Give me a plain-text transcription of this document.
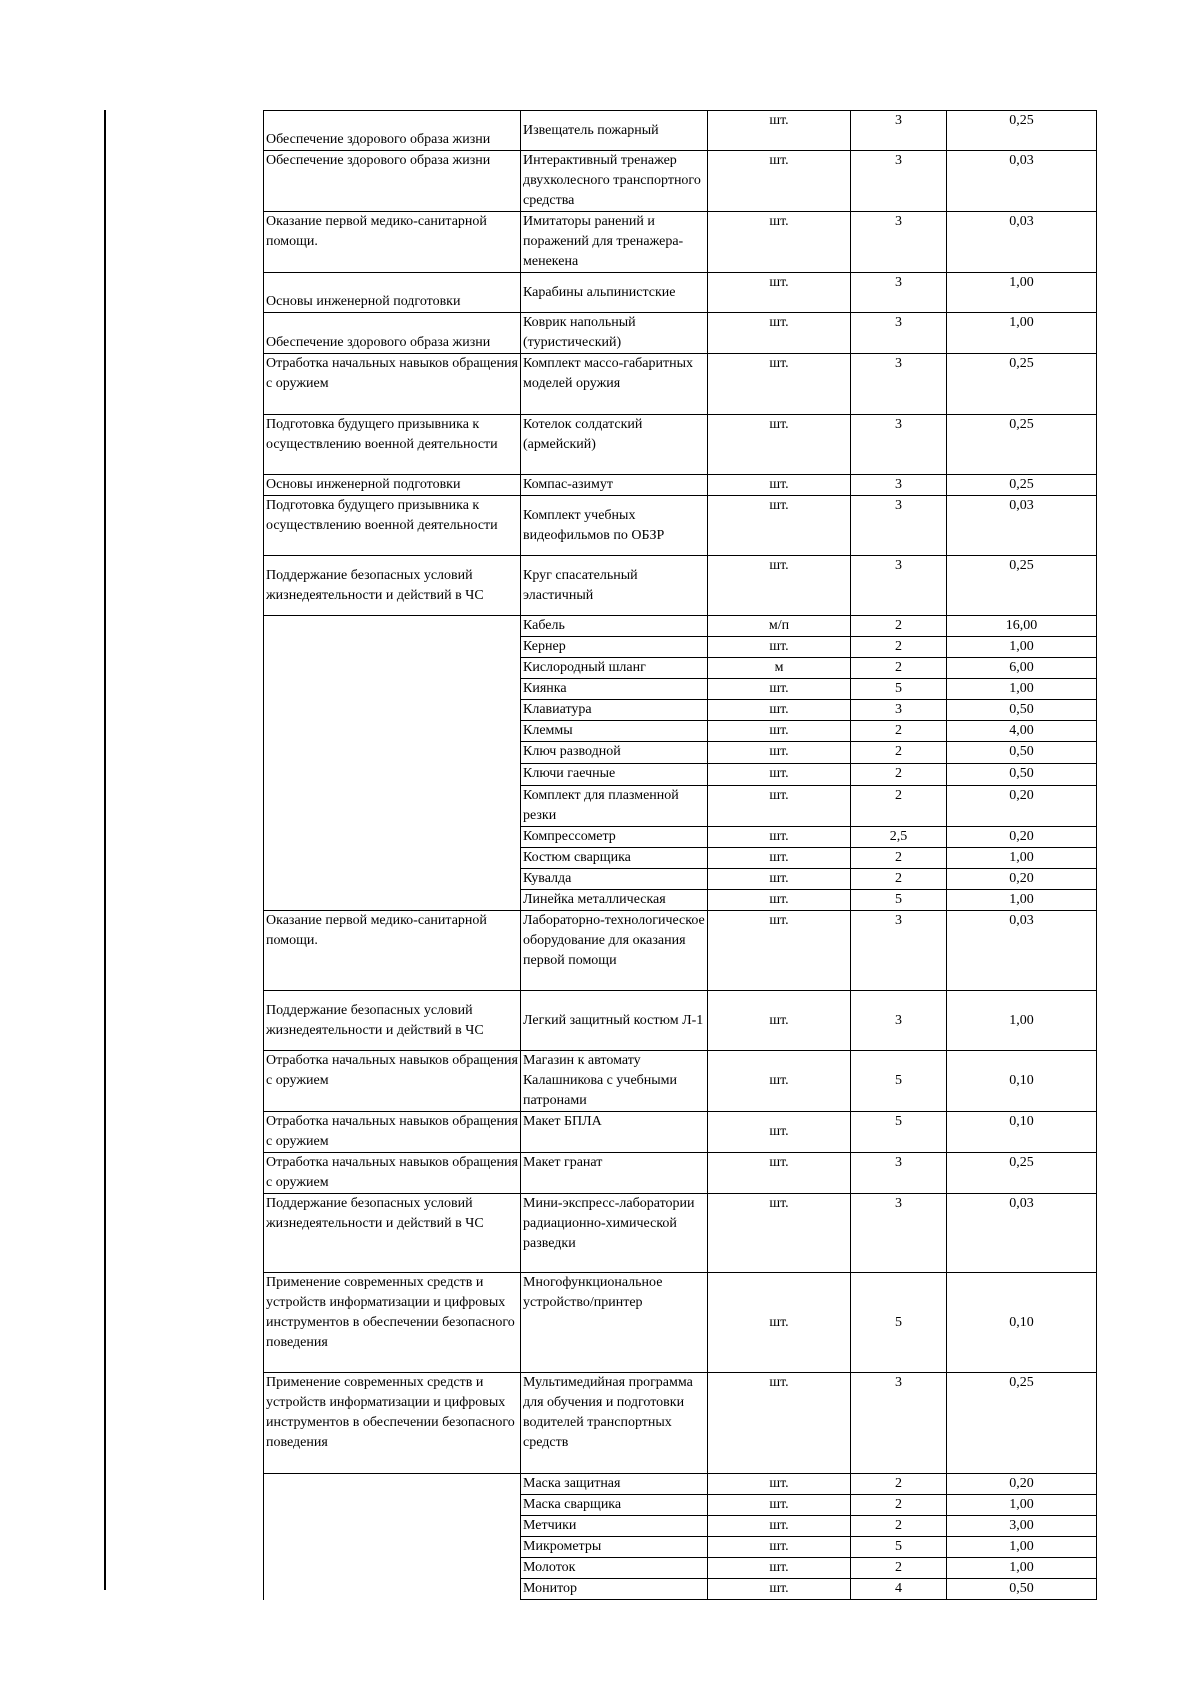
Обеспечение здорового образа жизни	Извещатель пожарный	шт.	3	0,25
Обеспечение здорового образа жизни	Интерактивный тренажер двухколесного транспортного средства	шт.	3	0,03
Оказание первой медико-санитарной помощи.	Имитаторы ранений и поражений для тренажера-менекена	шт.	3	0,03
Основы инженерной подготовки	Карабины альпинистские	шт.	3	1,00
Обеспечение здорового образа жизни	Коврик напольный (туристический)	шт.	3	1,00
Отработка начальных навыков обращения с оружием	Комплект массо-габаритных моделей оружия	шт.	3	0,25
Подготовка будущего призывника к осуществлению военной деятельности	Котелок солдатский (армейский)	шт.	3	0,25
Основы инженерной подготовки	Компас-азимут	шт.	3	0,25
Подготовка будущего призывника к осуществлению военной деятельности	Комплект учебных видеофильмов по ОБЗР	шт.	3	0,03
Поддержание безопасных условий жизнедеятельности и действий в ЧС	Круг спасательный эластичный	шт.	3	0,25
	Кабель	м/п	2	16,00
	Кернер	шт.	2	1,00
	Кислородный шланг	м	2	6,00
	Киянка	шт.	5	1,00
	Клавиатура	шт.	3	0,50
	Клеммы	шт.	2	4,00
	Ключ разводной	шт.	2	0,50
	Ключи гаечные	шт.	2	0,50
	Комплект для плазменной резки	шт.	2	0,20
	Компрессометр	шт.	2,5	0,20
	Костюм сварщика	шт.	2	1,00
	Кувалда	шт.	2	0,20
	Линейка металлическая	шт.	5	1,00
Оказание первой медико-санитарной помощи.	Лабораторно-технологическое оборудование для оказания первой помощи	шт.	3	0,03
Поддержание безопасных условий жизнедеятельности и действий в ЧС	Легкий защитный костюм Л-1	шт.	3	1,00
Отработка начальных навыков обращения с оружием	Магазин к автомату Калашникова с учебными патронами	шт.	5	0,10
Отработка начальных навыков обращения с оружием	Макет БПЛА	шт.	5	0,10
Отработка начальных навыков обращения с оружием	Макет гранат	шт.	3	0,25
Поддержание безопасных условий жизнедеятельности и действий в ЧС	Мини-экспресс-лаборатории радиационно-химической разведки	шт.	3	0,03
Применение современных средств и устройств информатизации и цифровых инструментов в обеспечении безопасного поведения	Многофункциональное устройство/принтер	шт.	5	0,10
Применение современных средств и устройств информатизации и цифровых инструментов в обеспечении безопасного поведения	Мультимедийная программа для обучения и подготовки водителей транспортных средств	шт.	3	0,25
	Маска защитная	шт.	2	0,20
	Маска сварщика	шт.	2	1,00
	Метчики	шт.	2	3,00
	Микрометры	шт.	5	1,00
	Молоток	шт.	2	1,00
	Монитор	шт.	4	0,50
